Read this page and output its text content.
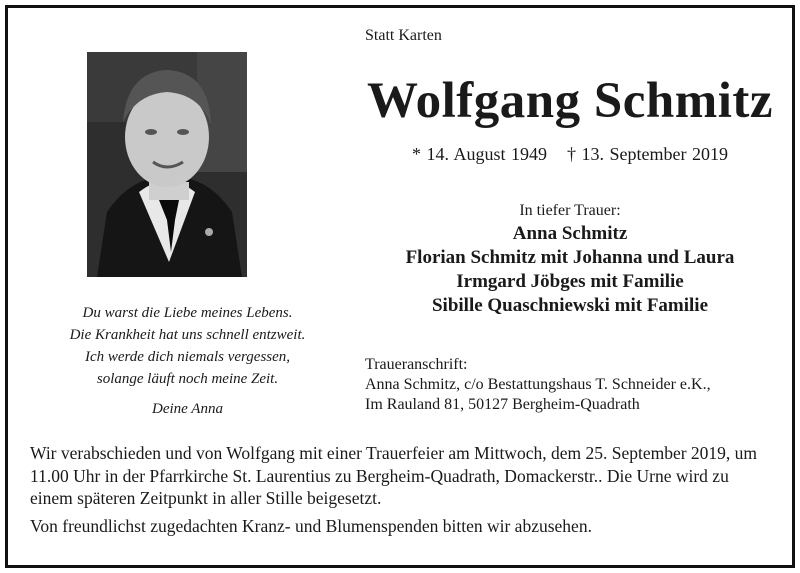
Statt Karten
Wolfgang Schmitz
* 14. August 1949 † 13. September 2019
Du warst die Liebe meines Lebens.
Die Krankheit hat uns schnell entzweit.
Ich werde dich niemals vergessen,
solange läuft noch meine Zeit.
Deine Anna
In tiefer Trauer:
Anna Schmitz
Florian Schmitz mit Johanna und Laura
Irmgard Jöbges mit Familie
Sibille Quaschniewski mit Familie
Traueranschrift:
Anna Schmitz, c/o Bestattungshaus T. Schneider e.K.,
Im Rauland 81, 50127 Bergheim-Quadrath

Wir verabschieden und von Wolfgang mit einer Trauerfeier am Mittwoch, dem 25. September 2019, um 11.00 Uhr in der Pfarrkirche St. Laurentius zu Bergheim-Quadrath, Domackerstr.. Die Urne wird zu einem späteren Zeitpunkt in aller Stille beigesetzt.

Von freundlichst zugedachten Kranz- und Blumenspenden bitten wir abzusehen.
